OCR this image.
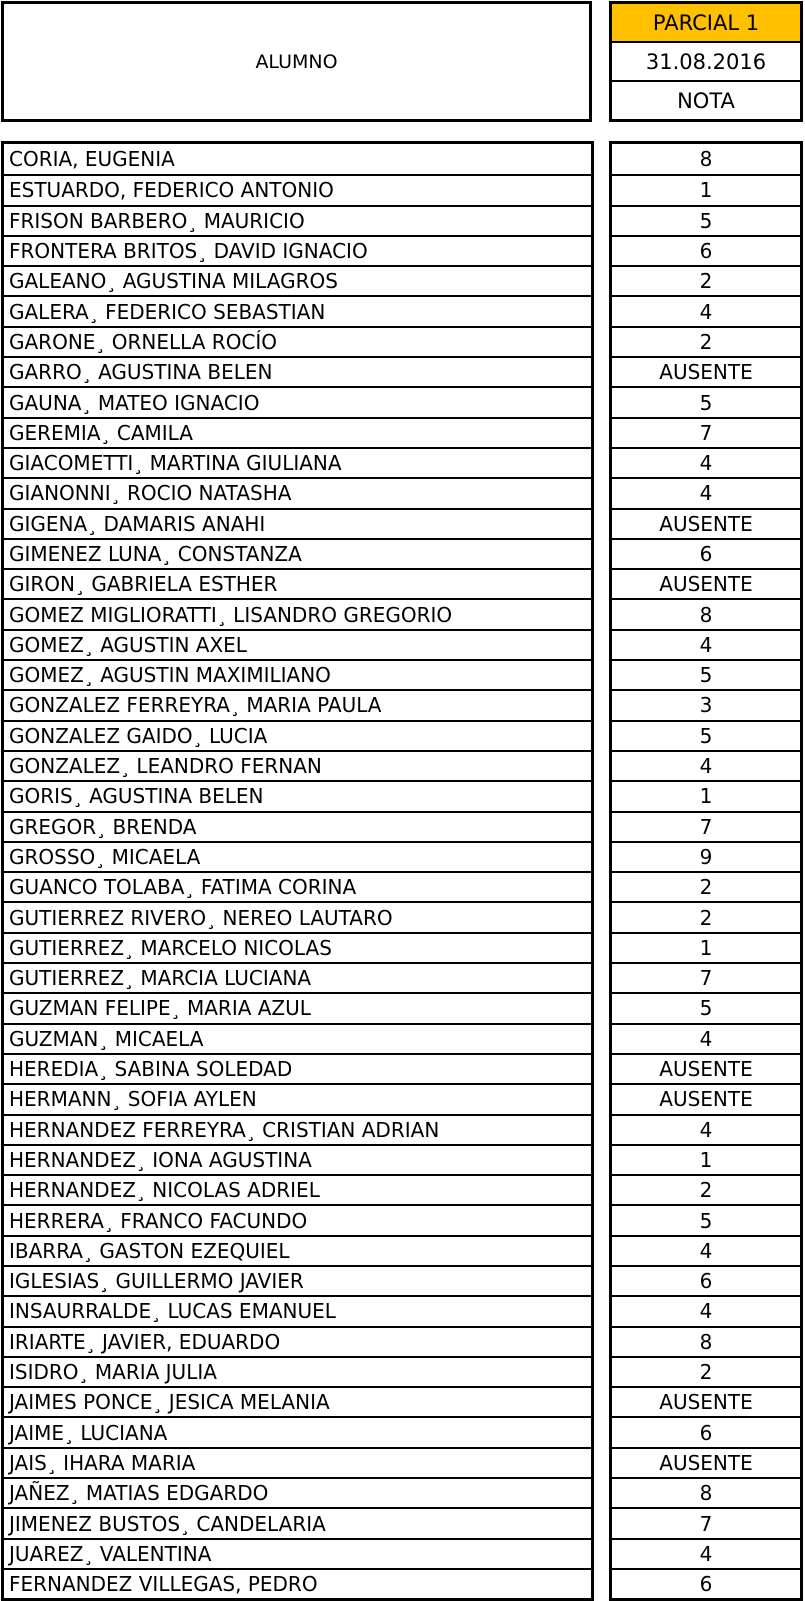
ALUMNO
PARCIAL 1
31.08.2016
NOTA
CORIA, EUGENIA
ESTUARDO, FEDERICO ANTONIO
FRISON BARBERO¸ MAURICIO
FRONTERA BRITOS¸ DAVID IGNACIO
GALEANO¸ AGUSTINA MILAGROS
GALERA¸ FEDERICO SEBASTIAN
GARONE¸ ORNELLA ROCÍO
GARRO¸ AGUSTINA BELEN
GAUNA¸ MATEO IGNACIO
GEREMIA¸ CAMILA
GIACOMETTI¸ MARTINA GIULIANA
GIANONNI¸ ROCIO NATASHA
GIGENA¸ DAMARIS ANAHI
GIMENEZ LUNA¸ CONSTANZA
GIRON¸ GABRIELA ESTHER
GOMEZ MIGLIORATTI¸ LISANDRO GREGORIO
GOMEZ¸ AGUSTIN AXEL
GOMEZ¸ AGUSTIN MAXIMILIANO
GONZALEZ FERREYRA¸ MARIA PAULA
GONZALEZ GAIDO¸ LUCIA
GONZALEZ¸ LEANDRO FERNAN
GORIS¸ AGUSTINA BELEN
GREGOR¸ BRENDA
GROSSO¸ MICAELA
GUANCO TOLABA¸ FATIMA CORINA
GUTIERREZ RIVERO¸ NEREO LAUTARO
GUTIERREZ¸ MARCELO NICOLAS
GUTIERREZ¸ MARCIA LUCIANA
GUZMAN FELIPE¸ MARIA AZUL
GUZMAN¸ MICAELA
HEREDIA¸ SABINA SOLEDAD
HERMANN¸ SOFIA AYLEN
HERNANDEZ FERREYRA¸ CRISTIAN ADRIAN
HERNANDEZ¸ IONA AGUSTINA
HERNANDEZ¸ NICOLAS ADRIEL
HERRERA¸ FRANCO FACUNDO
IBARRA¸ GASTON EZEQUIEL
IGLESIAS¸ GUILLERMO JAVIER
INSAURRALDE¸ LUCAS EMANUEL
IRIARTE¸ JAVIER, EDUARDO
ISIDRO¸ MARIA JULIA
JAIMES PONCE¸ JESICA MELANIA
JAIME¸ LUCIANA
JAIS¸ IHARA MARIA
JAÑEZ¸ MATIAS EDGARDO
JIMENEZ BUSTOS¸ CANDELARIA
JUAREZ¸ VALENTINA
FERNANDEZ VILLEGAS, PEDRO
8
1
5
6
2
4
2
AUSENTE
5
7
4
4
AUSENTE
6
AUSENTE
8
4
5
3
5
4
1
7
9
2
2
1
7
5
4
AUSENTE
AUSENTE
4
1
2
5
4
6
4
8
2
AUSENTE
6
AUSENTE
8
7
4
6
